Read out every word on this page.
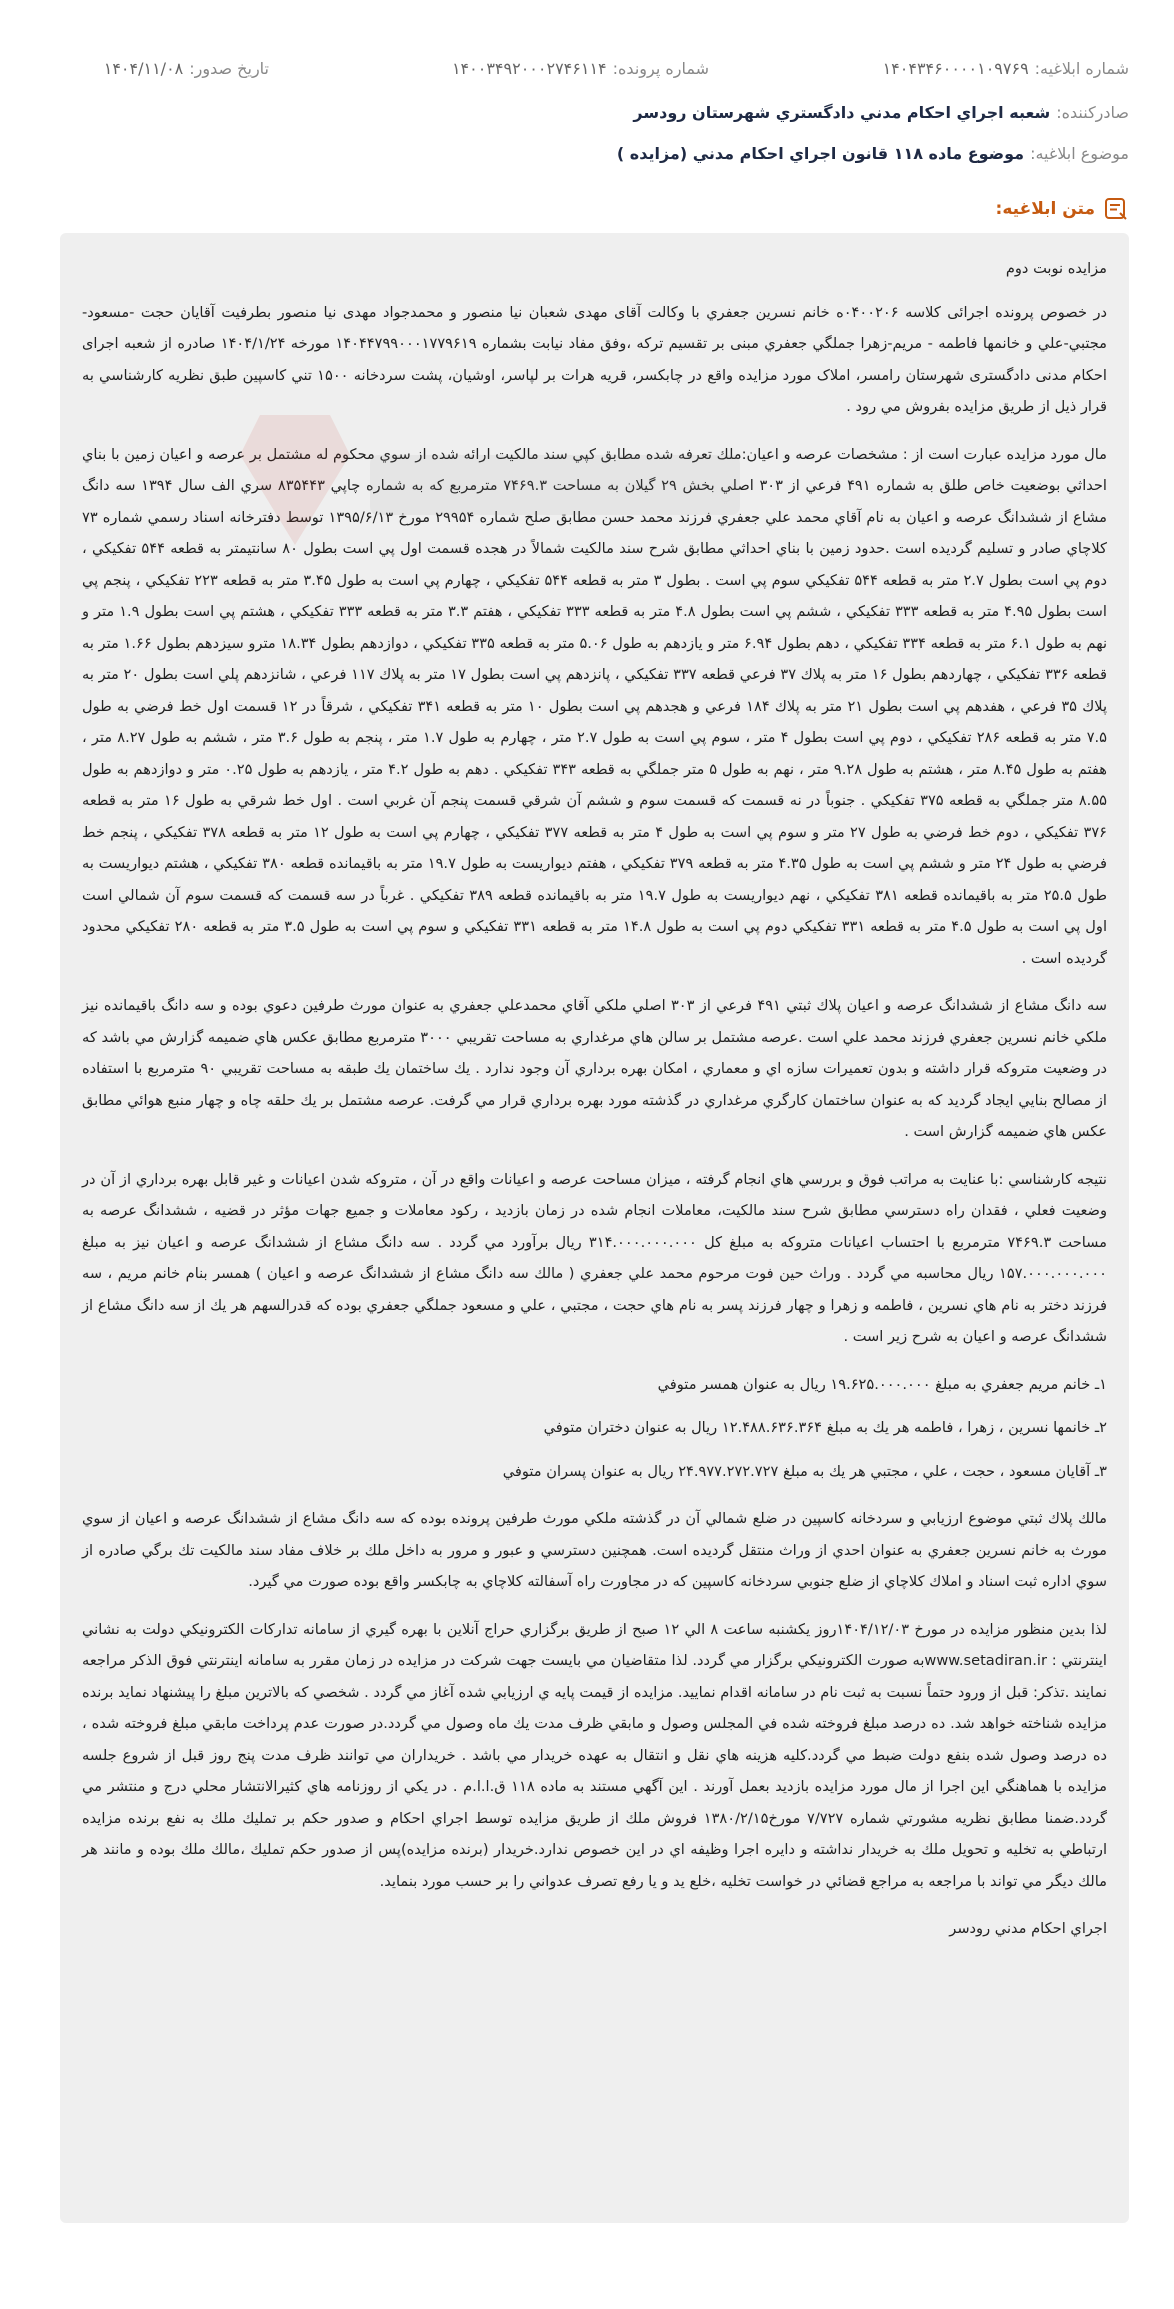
شماره ابلاغیه:
۱۴۰۴۳۴۶۰۰۰۰۱۰۹۷۶۹
شماره پرونده:
۱۴۰۰۳۴۹۲۰۰۰۲۷۴۶۱۱۴
تاریخ صدور:
۱۴۰۴/۱۱/۰۸
صادرکننده:
شعبه اجراي احكام مدني دادگستري شهرستان رودسر
موضوع ابلاغیه:
موضوع ماده ۱۱۸ قانون اجراي احكام مدني (مزايده )
متن ابلاغیه:

مزايده نوبت دوم

در خصوص پرونده اجرائی کلاسه ۰۴۰۰۲۰۶ه خانم نسرين جعفري با وکالت آقای مهدی شعبان نيا منصور و محمدجواد مهدی نيا منصور بطرفيت آقايان حجت -مسعود- مجتبي-علي و خانمها فاطمه - مريم-زهرا جملگي جعفري مبنی بر تقسيم ترکه ،وفق مفاد نيابت بشماره ۱۴۰۴۴۷۹۹۰۰۰۱۷۷۹۶۱۹ مورخه ۱۴۰۴/۱/۲۴ صادره از شعبه اجرای احکام مدنی دادگستری شهرستان رامسر، املاک مورد مزایده واقع در چابکسر، قریه هرات بر لپاسر، اوشیان، پشت سردخانه ۱۵۰۰ تني كاسپين طبق نظريه كارشناسي به قرار ذيل از طريق مزايده بفروش مي رود .

مال مورد مزايده عبارت است از : مشخصات عرصه و اعيان:ملك تعرفه شده مطابق كپي سند مالكيت ارائه شده از سوي محكوم له مشتمل بر عرصه و اعيان زمين با بناي احداثي بوضعيت خاص طلق به شماره ۴۹۱ فرعي از ۳۰۳ اصلي بخش ۲۹ گيلان به مساحت ۷۴۶۹.۳ مترمربع كه به شماره چاپي ۸۳۵۴۴۳ سري الف سال ۱۳۹۴ سه دانگ مشاع از ششدانگ عرصه و اعيان به نام آقاي محمد علي جعفري فرزند محمد حسن مطابق صلح شماره ۲۹۹۵۴ مورخ ۱۳۹۵/۶/۱۳ توسط دفترخانه اسناد رسمي شماره ۷۳ كلاچاي صادر و تسليم گرديده است .حدود زمين با بناي احداثي مطابق شرح سند مالكيت شمالاً در هجده قسمت اول پي است بطول ۸۰ سانتيمتر به قطعه ۵۴۴ تفكيكي ، دوم پي است بطول ۲.۷ متر به قطعه ۵۴۴ تفكيكي سوم پي است . بطول ۳ متر به قطعه ۵۴۴ تفكيكي ، چهارم پي است به طول ۳.۴۵ متر به قطعه ۲۲۳ تفكيكي ، پنجم پي است بطول ۴.۹۵ متر به قطعه ۳۳۳ تفكيكي ، ششم پي است بطول ۴.۸ متر به قطعه ۳۳۳ تفكيكي ، هفتم ۳.۳ متر به قطعه ۳۳۳ تفكيكي ، هشتم پي است بطول ۱.۹ متر و نهم به طول ۶.۱ متر به قطعه ۳۳۴ تفكيكي ، دهم بطول ۶.۹۴ متر و يازدهم به طول ۵.۰۶ متر به قطعه ۳۳۵ تفكيكي ، دوازدهم بطول ۱۸.۳۴ مترو سيزدهم بطول ۱.۶۶ متر به قطعه ۳۳۶ تفكيكي ، چهاردهم بطول ۱۶ متر به پلاك ۳۷ فرعي قطعه ۳۳۷ تفكيكي ، پانزدهم پي است بطول ۱۷ متر به پلاك ۱۱۷ فرعي ، شانزدهم پلي است بطول ۲۰ متر به پلاك ۳۵ فرعي ، هفدهم پي است بطول ۲۱ متر به پلاك ۱۸۴ فرعي و هجدهم پي است بطول ۱۰ متر به قطعه ۳۴۱ تفكيكي ، شرقاً در ۱۲ قسمت اول خط فرضي به طول ۷.۵ متر به قطعه ۲۸۶ تفكيكي ، دوم پي است بطول ۴ متر ، سوم پي است به طول ۲.۷ متر ، چهارم به طول ۱.۷ متر ، پنجم به طول ۳.۶ متر ، ششم به طول ۸.۲۷ متر ، هفتم به طول ۸.۴۵ متر ، هشتم به طول ۹.۲۸ متر ، نهم به طول ۵ متر جملگي به قطعه ۳۴۳ تفكيكي . دهم به طول ۴.۲ متر ، يازدهم به طول ۰.۲۵ متر و دوازدهم به طول ۸.۵۵ متر جملگي به قطعه ۳۷۵ تفكيكي . جنوباً در نه قسمت كه قسمت سوم و ششم آن شرقي قسمت پنجم آن غربي است . اول خط شرقي به طول ۱۶ متر به قطعه ۳۷۶ تفكيكي ، دوم خط فرضي به طول ۲۷ متر و سوم پي است به طول ۴ متر به قطعه ۳۷۷ تفكيكي ، چهارم پي است به طول ۱۲ متر به قطعه ۳۷۸ تفكيكي ، پنجم خط فرضي به طول ۲۴ متر و ششم پي است به طول ۴.۳۵ متر به قطعه ۳۷۹ تفكيكي ، هفتم ديواريست به طول ۱۹.۷ متر به باقيمانده قطعه ۳۸۰ تفكيكي ، هشتم ديواريست به طول ۲۵.۵ متر به باقيمانده قطعه ۳۸۱ تفكيكي ، نهم ديواريست به طول ۱۹.۷ متر به باقيمانده قطعه ۳۸۹ تفكيكي . غرباً در سه قسمت كه قسمت سوم آن شمالي است اول پي است به طول ۴.۵ متر به قطعه ۳۳۱ تفكيكي دوم پي است به طول ۱۴.۸ متر به قطعه ۳۳۱ تفكيكي و سوم پي است به طول ۳.۵ متر به قطعه ۲۸۰ تفكيكي محدود گرديده است .

سه دانگ مشاع از ششدانگ عرصه و اعيان پلاك ثبتي ۴۹۱ فرعي از ۳۰۳ اصلي ملكي آقاي محمدعلي جعفري به عنوان مورث طرفين دعوي بوده و سه دانگ باقيمانده نيز ملكي خانم نسرين جعفري فرزند محمد علي است .عرصه مشتمل بر سالن هاي مرغداري به مساحت تقريبي ۳۰۰۰ مترمربع مطابق عكس هاي ضميمه گزارش مي باشد كه در وضعيت متروكه قرار داشته و بدون تعميرات سازه اي و معماري ، امكان بهره برداري آن وجود ندارد . يك ساختمان يك طبقه به مساحت تقريبي ۹۰ مترمربع با استفاده از مصالح بنايي ايجاد گرديد كه به عنوان ساختمان كارگري مرغداري در گذشته مورد بهره برداري قرار مي گرفت. عرصه مشتمل بر يك حلقه چاه و چهار منبع هوائي مطابق عكس هاي ضميمه گزارش است .

نتيجه كارشناسي :با عنايت به مراتب فوق و بررسي هاي انجام گرفته ، ميزان مساحت عرصه و اعيانات واقع در آن ، متروكه شدن اعيانات و غير قابل بهره برداري از آن در وضعيت فعلي ، فقدان راه دسترسي مطابق شرح سند مالكيت، معاملات انجام شده در زمان بازديد ، ركود معاملات و جميع جهات مؤثر در قضيه ، ششدانگ عرصه به مساحت ۷۴۶۹.۳ مترمربع با احتساب اعيانات متروكه به مبلغ كل ۳۱۴.۰۰۰.۰۰۰.۰۰۰ ريال برآورد مي گردد . سه دانگ مشاع از ششدانگ عرصه و اعيان نيز به مبلغ ۱۵۷.۰۰۰.۰۰۰.۰۰۰ ريال محاسبه مي گردد . وراث حين فوت مرحوم محمد علي جعفري ( مالك سه دانگ مشاع از ششدانگ عرصه و اعيان ) همسر بنام خانم مريم ، سه فرزند دختر به نام هاي نسرين ، فاطمه و زهرا و چهار فرزند پسر به نام هاي حجت ، مجتبي ، علي و مسعود جملگي جعفري بوده كه قدرالسهم هر يك از سه دانگ مشاع از ششدانگ عرصه و اعيان به شرح زير است .

۱ـ خانم مريم جعفري به مبلغ ۱۹.۶۲۵.۰۰۰.۰۰۰ ريال به عنوان همسر متوفي

۲ـ خانمها نسرين ، زهرا ، فاطمه هر يك به مبلغ ۱۲.۴۸۸.۶۳۶.۳۶۴ ريال به عنوان دختران متوفي

۳ـ آقايان مسعود ، حجت ، علي ، مجتبي هر يك به مبلغ ۲۴.۹۷۷.۲۷۲.۷۲۷ ريال به عنوان پسران متوفي

مالك پلاك ثبتي موضوع ارزيابي و سردخانه كاسپين در ضلع شمالي آن در گذشته ملكي مورث طرفين پرونده بوده كه سه دانگ مشاع از ششدانگ عرصه و اعيان از سوي مورث به خانم نسرين جعفري به عنوان احدي از وراث منتقل گرديده است. همچنين دسترسي و عبور و مرور به داخل ملك بر خلاف مفاد سند مالكيت تك برگي صادره از سوي اداره ثبت اسناد و املاك كلاچاي از ضلع جنوبي سردخانه كاسپين كه در مجاورت راه آسفالته كلاچاي به چابكسر واقع بوده صورت مي گيرد.

لذا بدين منظور مزايده در مورخ ۱۴۰۴/۱۲/۰۳روز يكشنبه ساعت ۸ الي ۱۲ صبح از طريق برگزاري حراج آنلاين با بهره گيري از سامانه تداركات الكترونيكي دولت به نشاني اينترنتي : www.setadiran.irبه صورت الكترونيكي برگزار مي گردد. لذا متقاضيان مي بايست جهت شركت در مزايده در زمان مقرر به سامانه اينترنتي فوق الذكر مراجعه نمايند .تذكر: قبل از ورود حتماً نسبت به ثبت نام در سامانه اقدام نماييد. مزايده از قيمت پايه ي ارزيابي شده آغاز مي گردد . شخصي كه بالاترين مبلغ را پيشنهاد نمايد برنده مزايده شناخته خواهد شد. ده درصد مبلغ فروخته شده في المجلس وصول و مابقي ظرف مدت يك ماه وصول مي گردد.در صورت عدم پرداخت مابقي مبلغ فروخته شده ، ده درصد وصول شده بنفع دولت ضبط مي گردد.كليه هزينه هاي نقل و انتقال به عهده خريدار مي باشد . خريداران مي توانند ظرف مدت پنج روز قبل از شروع جلسه مزايده با هماهنگي اين اجرا از مال مورد مزايده بازديد بعمل آورند . اين آگهي مستند به ماده ۱۱۸ ق.ا.ا.م . در يكي از روزنامه هاي كثيرالانتشار محلي درج و منتشر مي گردد.ضمنا مطابق نظريه مشورتي شماره ۷/۷۲۷ مورخ۱۳۸۰/۲/۱۵ فروش ملك از طريق مزايده توسط اجراي احكام و صدور حكم بر تمليك ملك به نفع برنده مزايده ارتباطي به تخليه و تحويل ملك به خريدار نداشته و دايره اجرا وظيفه اي در اين خصوص ندارد.خريدار (برنده مزايده)پس از صدور حكم تمليك ،مالك ملك بوده و مانند هر مالك ديگر مي تواند با مراجعه به مراجع قضائي در خواست تخليه ،خلع يد و يا رفع تصرف عدواني را بر حسب مورد بنمايد.

اجراي احكام مدني رودسر
